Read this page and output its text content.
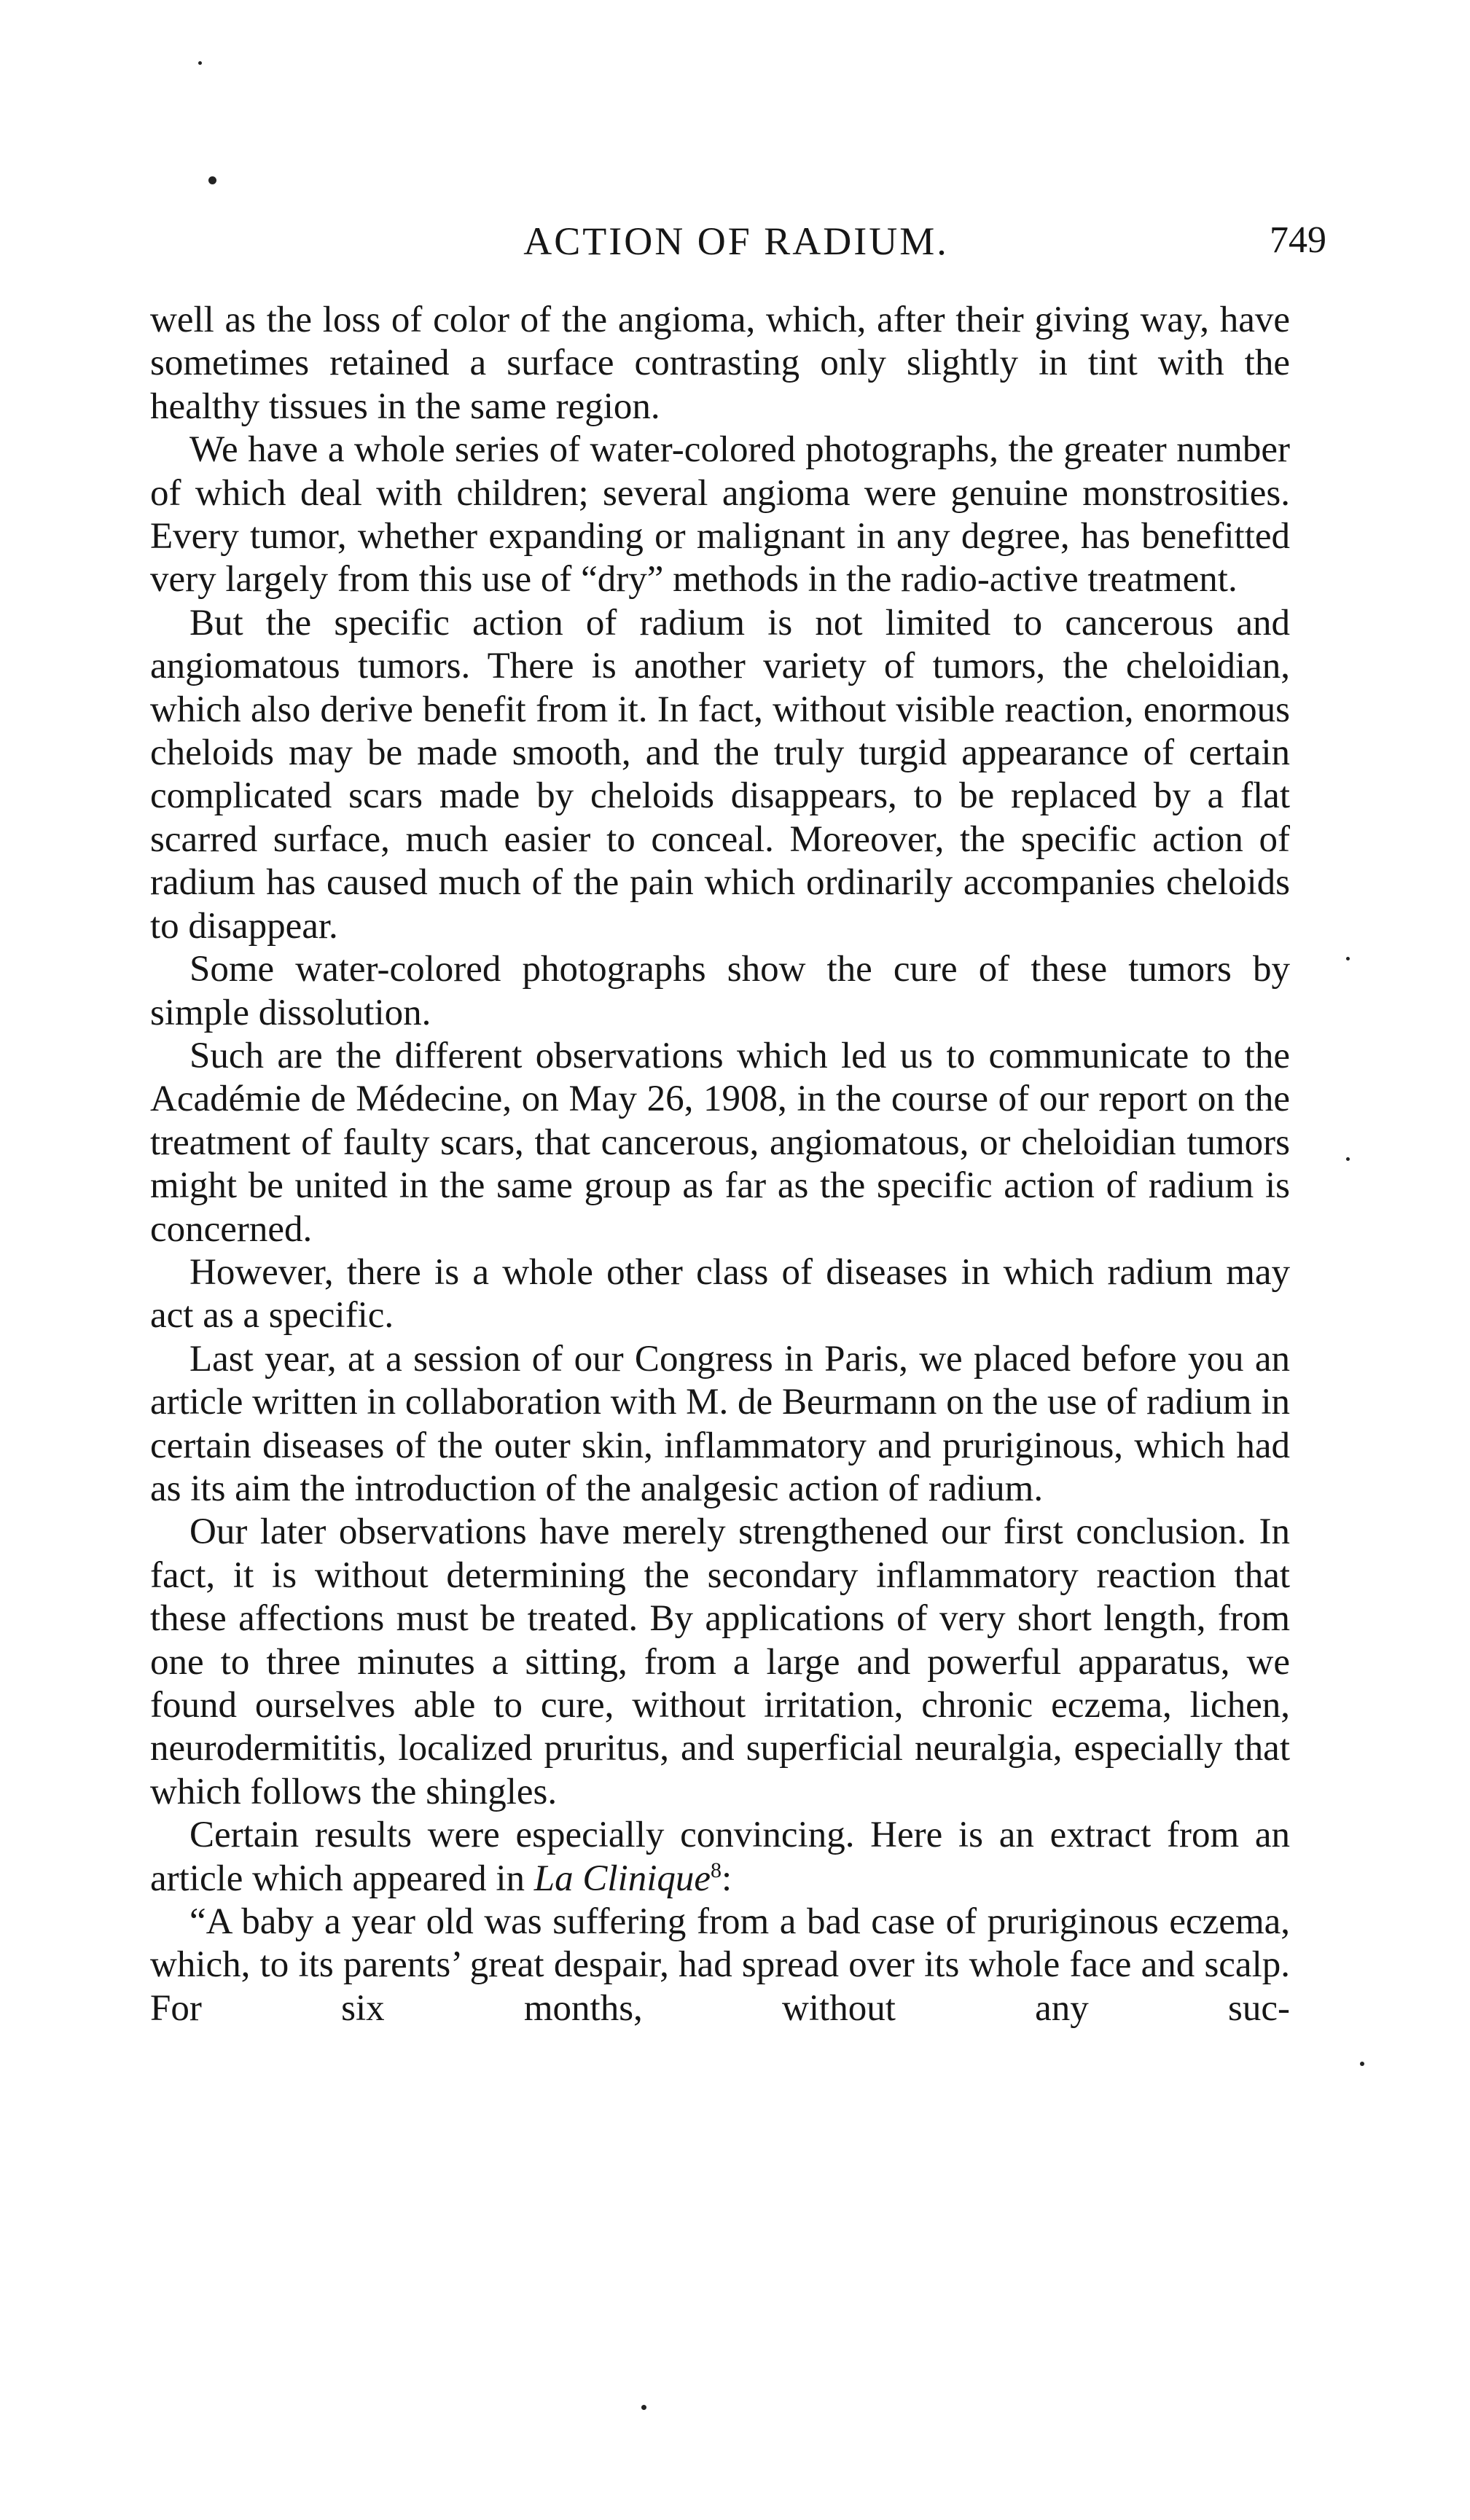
ACTION OF RADIUM.	749

well as the loss of color of the angioma, which, after their giving way, have sometimes retained a surface contrasting only slightly in tint with the healthy tissues in the same region.

We have a whole series of water-colored photographs, the greater number of which deal with children; several angioma were genuine monstrosities. Every tumor, whether expanding or malignant in any degree, has benefitted very largely from this use of “dry” methods in the radio-active treatment.

But the specific action of radium is not limited to cancerous and angiomatous tumors. There is another variety of tumors, the cheloidian, which also derive benefit from it. In fact, without visible reaction, enormous cheloids may be made smooth, and the truly turgid appearance of certain complicated scars made by cheloids disappears, to be replaced by a flat scarred surface, much easier to conceal. Moreover, the specific action of radium has caused much of the pain which ordinarily accompanies cheloids to disappear.

Some water-colored photographs show the cure of these tumors by simple dissolution.

Such are the different observations which led us to communicate to the Académie de Médecine, on May 26, 1908, in the course of our report on the treatment of faulty scars, that cancerous, angiomatous, or cheloidian tumors might be united in the same group as far as the specific action of radium is concerned.

However, there is a whole other class of diseases in which radium may act as a specific.

Last year, at a session of our Congress in Paris, we placed before you an article written in collaboration with M. de Beurmann on the use of radium in certain diseases of the outer skin, inflammatory and pruriginous, which had as its aim the introduction of the analgesic action of radium.

Our later observations have merely strengthened our first conclusion. In fact, it is without determining the secondary inflammatory reaction that these affections must be treated. By applications of very short length, from one to three minutes a sitting, from a large and powerful apparatus, we found ourselves able to cure, without irritation, chronic eczema, lichen, neurodermititis, localized pruritus, and superficial neuralgia, especially that which follows the shingles.

Certain results were especially convincing. Here is an extract from an article which appeared in La Clinique$^8$:

“A baby a year old was suffering from a bad case of pruriginous eczema, which, to its parents’ great despair, had spread over its whole face and scalp. For six months, without any suc-
